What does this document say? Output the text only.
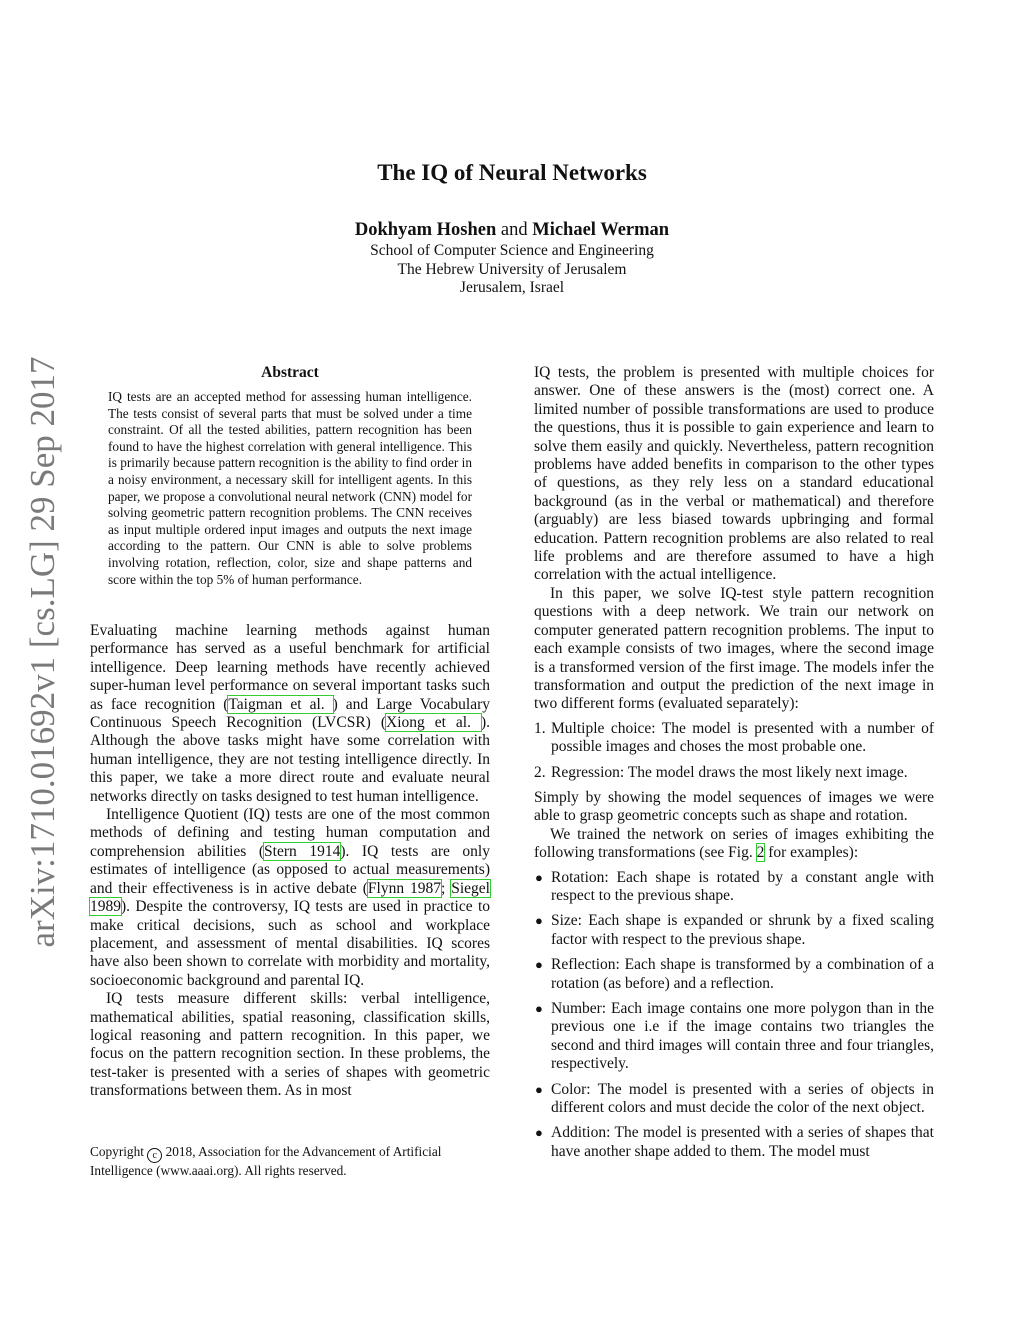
The IQ of Neural Networks
Dokhyam Hoshen and Michael Werman
School of Computer Science and Engineering
The Hebrew University of Jerusalem
Jerusalem, Israel
arXiv:1710.01692v1 [cs.LG] 29 Sep 2017	Abstract

IQ tests are an accepted method for assessing human intelligence. The tests consist of several parts that must be solved under a time constraint. Of all the tested abilities, pattern recognition has been found to have the highest correlation with general intelligence. This is primarily because pattern recognition is the ability to find order in a noisy environment, a necessary skill for intelligent agents. In this paper, we propose a convolutional neural network (CNN) model for solving geometric pattern recognition problems. The CNN receives as input multiple ordered input images and outputs the next image according to the pattern. Our CNN is able to solve problems involving rotation, reflection, color, size and shape patterns and score within the top 5% of human performance.

Evaluating machine learning methods against human performance has served as a useful benchmark for artificial intelligence. Deep learning methods have recently achieved super-human level performance on several important tasks such as face recognition (Taigman et al. ) and Large Vocabulary Continuous Speech Recognition (LVCSR) (Xiong et al. ). Although the above tasks might have some correlation with human intelligence, they are not testing intelligence directly. In this paper, we take a more direct route and evaluate neural networks directly on tasks designed to test human intelligence.

Intelligence Quotient (IQ) tests are one of the most common methods of defining and testing human computation and comprehension abilities (Stern 1914). IQ tests are only estimates of intelligence (as opposed to actual measurements) and their effectiveness is in active debate (Flynn 1987; Siegel 1989). Despite the controversy, IQ tests are used in practice to make critical decisions, such as school and workplace placement, and assessment of mental disabilities. IQ scores have also been shown to correlate with morbidity and mortality, socioeconomic background and parental IQ.

IQ tests measure different skills: verbal intelligence, mathematical abilities, spatial reasoning, classification skills, logical reasoning and pattern recognition. In this paper, we focus on the pattern recognition section. In these problems, the test-taker is presented with a series of shapes with geometric transformations between them. As in most

Copyright c 2018, Association for the Advancement of Artificial Intelligence (www.aaai.org). All rights reserved.

IQ tests, the problem is presented with multiple choices for answer. One of these answers is the (most) correct one. A limited number of possible transformations are used to produce the questions, thus it is possible to gain experience and learn to solve them easily and quickly. Nevertheless, pattern recognition problems have added benefits in comparison to the other types of questions, as they rely less on a standard educational background (as in the verbal or mathematical) and therefore (arguably) are less biased towards upbringing and formal education. Pattern recognition problems are also related to real life problems and are therefore assumed to have a high correlation with the actual intelligence.

In this paper, we solve IQ-test style pattern recognition questions with a deep network. We train our network on computer generated pattern recognition problems. The input to each example consists of two images, where the second image is a transformed version of the first image. The models infer the transformation and output the prediction of the next image in two different forms (evaluated separately):

1. Multiple choice: The model is presented with a number of possible images and choses the most probable one.
2. Regression: The model draws the most likely next image.

Simply by showing the model sequences of images we were able to grasp geometric concepts such as shape and rotation.

We trained the network on series of images exhibiting the following transformations (see Fig. 2 for examples):

● Rotation: Each shape is rotated by a constant angle with respect to the previous shape.
● Size: Each shape is expanded or shrunk by a fixed scaling factor with respect to the previous shape.
● Reflection: Each shape is transformed by a combination of a rotation (as before) and a reflection.
● Number: Each image contains one more polygon than in the previous one i.e if the image contains two triangles the second and third images will contain three and four triangles, respectively.
● Color: The model is presented with a series of objects in different colors and must decide the color of the next object.
● Addition: The model is presented with a series of shapes that have another shape added to them. The model must
